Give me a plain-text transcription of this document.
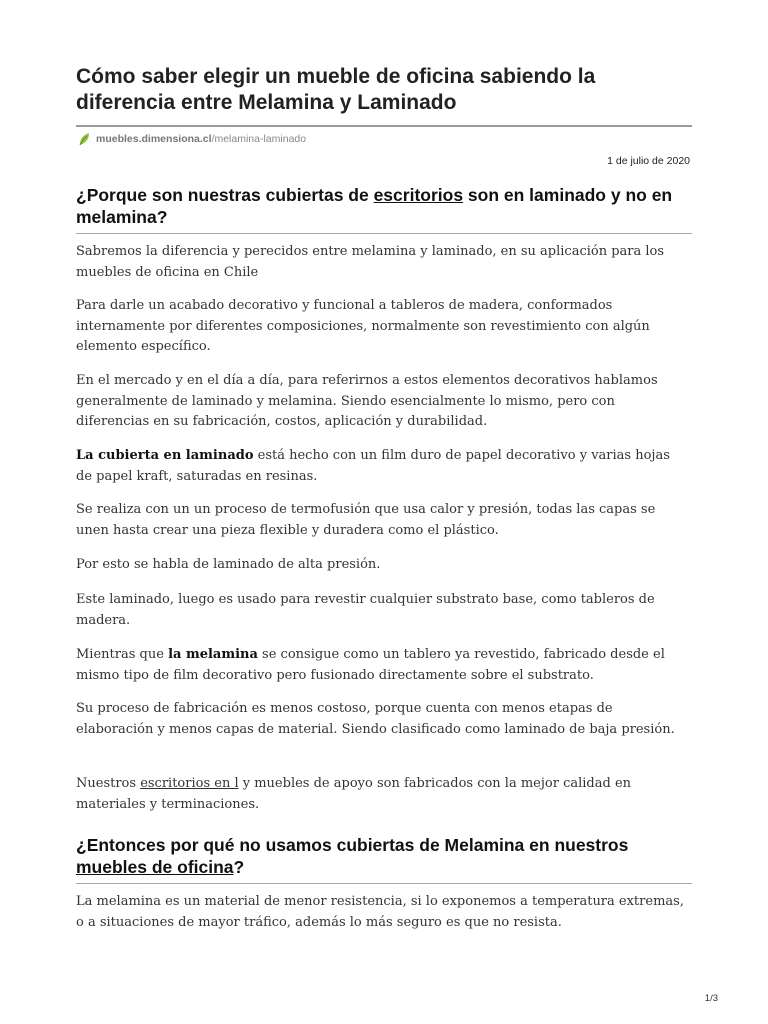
Cómo saber elegir un mueble de oficina sabiendo la diferencia entre Melamina y Laminado
muebles.dimensiona.cl /melamina-laminado
1 de julio de 2020
¿Porque son nuestras cubiertas de escritorios son en laminado y no en melamina?
Sabremos la diferencia y perecidos entre melamina y laminado, en su aplicación para los muebles de oficina en Chile
Para darle un acabado decorativo y funcional a tableros de madera, conformados internamente por diferentes composiciones, normalmente son revestimiento con algún elemento específico.
En el mercado y en el día a día, para referirnos a estos elementos decorativos hablamos generalmente de laminado y melamina. Siendo esencialmente lo mismo, pero con diferencias en su fabricación, costos, aplicación y durabilidad.
La cubierta en laminado está hecho con un film duro de papel decorativo y varias hojas de papel kraft, saturadas en resinas.
Se realiza con un un proceso de termofusión que usa calor y presión, todas las capas se unen hasta crear una pieza flexible y duradera como el plástico.
Por esto se habla de laminado de alta presión.
Este laminado, luego es usado para revestir cualquier substrato base, como tableros de madera.
Mientras que la melamina se consigue como un tablero ya revestido, fabricado desde el mismo tipo de film decorativo pero fusionado directamente sobre el substrato.
Su proceso de fabricación es menos costoso, porque cuenta con menos etapas de elaboración y menos capas de material. Siendo clasificado como laminado de baja presión.
Nuestros escritorios en l y muebles de apoyo son fabricados con la mejor calidad en materiales y terminaciones.
¿Entonces por qué no usamos cubiertas de Melamina en nuestros muebles de oficina?
La melamina es un material de menor resistencia, si lo exponemos a temperatura extremas, o a situaciones de mayor tráfico, además lo más seguro es que no resista.
1/3
